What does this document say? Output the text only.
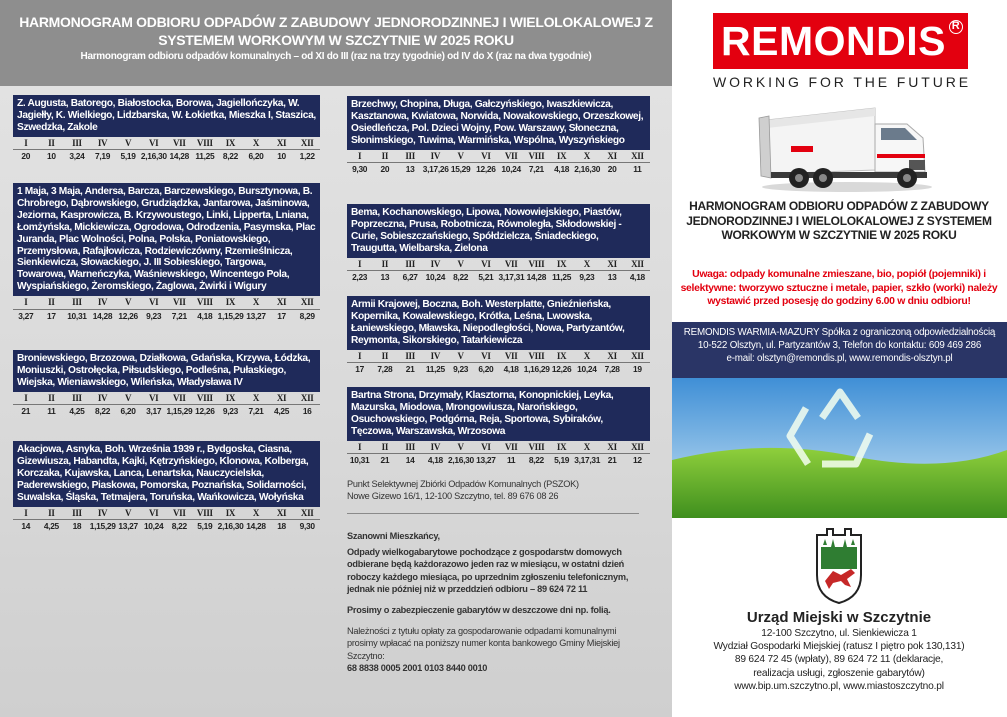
HARMONOGRAM ODBIORU ODPADÓW Z ZABUDOWY JEDNORODZINNEJ I WIELOLOKALOWEJ Z SYSTEMEM WORKOWYM W SZCZYTNIE W 2025 ROKU
Harmonogram odbioru odpadów komunalnych – od XI do III (raz na trzy tygodnie) od IV do X (raz na dwa tygodnie)
Z. Augusta, Batorego, Białostocka, Borowa, Jagiellończyka, W. Jagiełły, K. Wielkiego, Lidzbarska, W. Łokietka, Mieszka I, Staszica, Szwedzka, Zakole
I	II	III	IV	V	VI	VII	VIII	IX	X	XI	XII
20	10	3,24	7,19	5,19	2,16,30	14,28	11,25	8,22	6,20	10	1,22
1 Maja, 3 Maja, Andersa, Barcza, Barczewskiego, Bursztynowa, B. Chrobrego, Dąbrowskiego, Grudziądzka, Jantarowa, Jaśminowa, Jeziorna, Kasprowicza, B. Krzywoustego, Linki, Lipperta, Lniana, Łomżyńska, Mickiewicza, Ogrodowa, Odrodzenia, Pasymska, Plac Juranda, Plac Wolności, Polna, Polska, Poniatowskiego, Przemysłowa, Rafajłowicza, Rodziewiczówny, Rzemieślnicza, Sienkiewicza, Słowackiego, J. III Sobieskiego, Targowa, Towarowa, Warneńczyka, Waśniewskiego, Wincentego Pola, Wyspiańskiego, Żeromskiego, Żaglowa, Żwirki i Wigury
I	II	III	IV	V	VI	VII	VIII	IX	X	XI	XII
3,27	17	10,31	14,28	12,26	9,23	7,21	4,18	1,15,29	13,27	17	8,29
Broniewskiego, Brzozowa, Działkowa, Gdańska, Krzywa, Łódzka, Moniuszki, Ostrołęcka, Piłsudskiego, Podleśna, Pułaskiego, Wiejska, Wieniawskiego, Wileńska, Władysława IV
I	II	III	IV	V	VI	VII	VIII	IX	X	XI	XII
21	11	4,25	8,22	6,20	3,17	1,15,29	12,26	9,23	7,21	4,25	16
Akacjowa, Asnyka, Boh. Września 1939 r., Bydgoska, Ciasna, Gizewiusza, Habandta, Kajki, Kętrzyńskiego, Klonowa, Kolberga, Korczaka, Kujawska, Lanca, Lenartska, Nauczycielska, Paderewskiego, Piaskowa, Pomorska, Poznańska, Solidarności, Suwalska, Śląska, Tetmajera, Toruńska, Wańkowicza, Wołyńska
I	II	III	IV	V	VI	VII	VIII	IX	X	XI	XII
14	4,25	18	1,15,29	13,27	10,24	8,22	5,19	2,16,30	14,28	18	9,30
Brzechwy, Chopina, Długa, Gałczyńskiego, Iwaszkiewicza, Kasztanowa, Kwiatowa, Norwida, Nowakowskiego, Orzeszkowej, Osiedleńcza, Pol. Dzieci Wojny, Pow. Warszawy, Słoneczna, Słonimskiego, Tuwima, Warmińska, Wspólna, Wyszyńskiego
I	II	III	IV	V	VI	VII	VIII	IX	X	XI	XII
9,30	20	13	3,17,26	15,29	12,26	10,24	7,21	4,18	2,16,30	20	11
Bema, Kochanowskiego, Lipowa, Nowowiejskiego, Piastów, Poprzeczna, Prusa, Robotnicza, Równoległa, Skłodowskiej - Curie, Sobieszczańskiego, Spółdzielcza, Śniadeckiego, Traugutta, Wielbarska, Zielona
I	II	III	IV	V	VI	VII	VIII	IX	X	XI	XII
2,23	13	6,27	10,24	8,22	5,21	3,17,31	14,28	11,25	9,23	13	4,18
Armii Krajowej, Boczna, Boh. Westerplatte, Gnieźnieńska, Kopernika, Kowalewskiego, Krótka, Leśna, Lwowska, Łaniewskiego, Mławska, Niepodległości, Nowa, Partyzantów, Reymonta, Sikorskiego, Tatarkiewicza
I	II	III	IV	V	VI	VII	VIII	IX	X	XI	XII
17	7,28	21	11,25	9,23	6,20	4,18	1,16,29	12,26	10,24	7,28	19
Bartna Strona, Drzymały, Klasztorna, Konopnickiej, Leyka, Mazurska, Miodowa, Mrongowiusza, Narońskiego, Osuchowskiego, Podgórna, Reja, Sportowa, Sybiraków, Tęczowa, Warszawska, Wrzosowa
I	II	III	IV	V	VI	VII	VIII	IX	X	XI	XII
10,31	21	14	4,18	2,16,30	13,27	11	8,22	5,19	3,17,31	21	12
Punkt Selektywnej Zbiórki Odpadów Komunalnych (PSZOK)
Nowe Gizewo 16/1, 12-100 Szczytno, tel. 89 676 08 26
Szanowni Mieszkańcy,
Odpady wielkogabarytowe pochodzące z gospodarstw domowych odbierane będą każdorazowo jeden raz w miesiącu, w ostatni dzień roboczy każdego miesiąca, po uprzednim zgłoszeniu telefonicznym, jednak nie później niż w przeddzień odbioru – 89 624 72 11
Prosimy o zabezpieczenie gabarytów w deszczowe dni np. folią.
Należności z tytułu opłaty za gospodarowanie odpadami komunalnymi prosimy wpłacać na poniższy numer konta bankowego Gminy Miejskiej Szczytno:
68 8838 0005 2001 0103 8440 0010
REMONDIS R
WORKING FOR THE FUTURE
HARMONOGRAM ODBIORU ODPADÓW Z ZABUDOWY JEDNORODZINNEJ I WIELOLOKALOWEJ Z SYSTEMEM WORKOWYM W SZCZYTNIE W 2025 ROKU
Uwaga: odpady komunalne zmieszane, bio, popiół (pojemniki) i selektywne: tworzywo sztuczne i metale, papier, szkło (worki) należy wystawić przed posesję do godziny 6.00 w dniu odbioru!
REMONDIS WARMIA-MAZURY Spółka z ograniczoną odpowiedzialnością
10-522 Olsztyn, ul. Partyzantów 3, Telefon do kontaktu: 609 469 286
e-mail: olsztyn@remondis.pl, www.remondis-olsztyn.pl
Urząd Miejski w Szczytnie
12-100 Szczytno, ul. Sienkiewicza 1
Wydział Gospodarki Miejskiej (ratusz I piętro pok 130,131)
89 624 72 45 (wpłaty), 89 624 72 11 (deklaracje,
realizacja usługi, zgłoszenie gabarytów)
www.bip.um.szczytno.pl, www.miastoszczytno.pl
